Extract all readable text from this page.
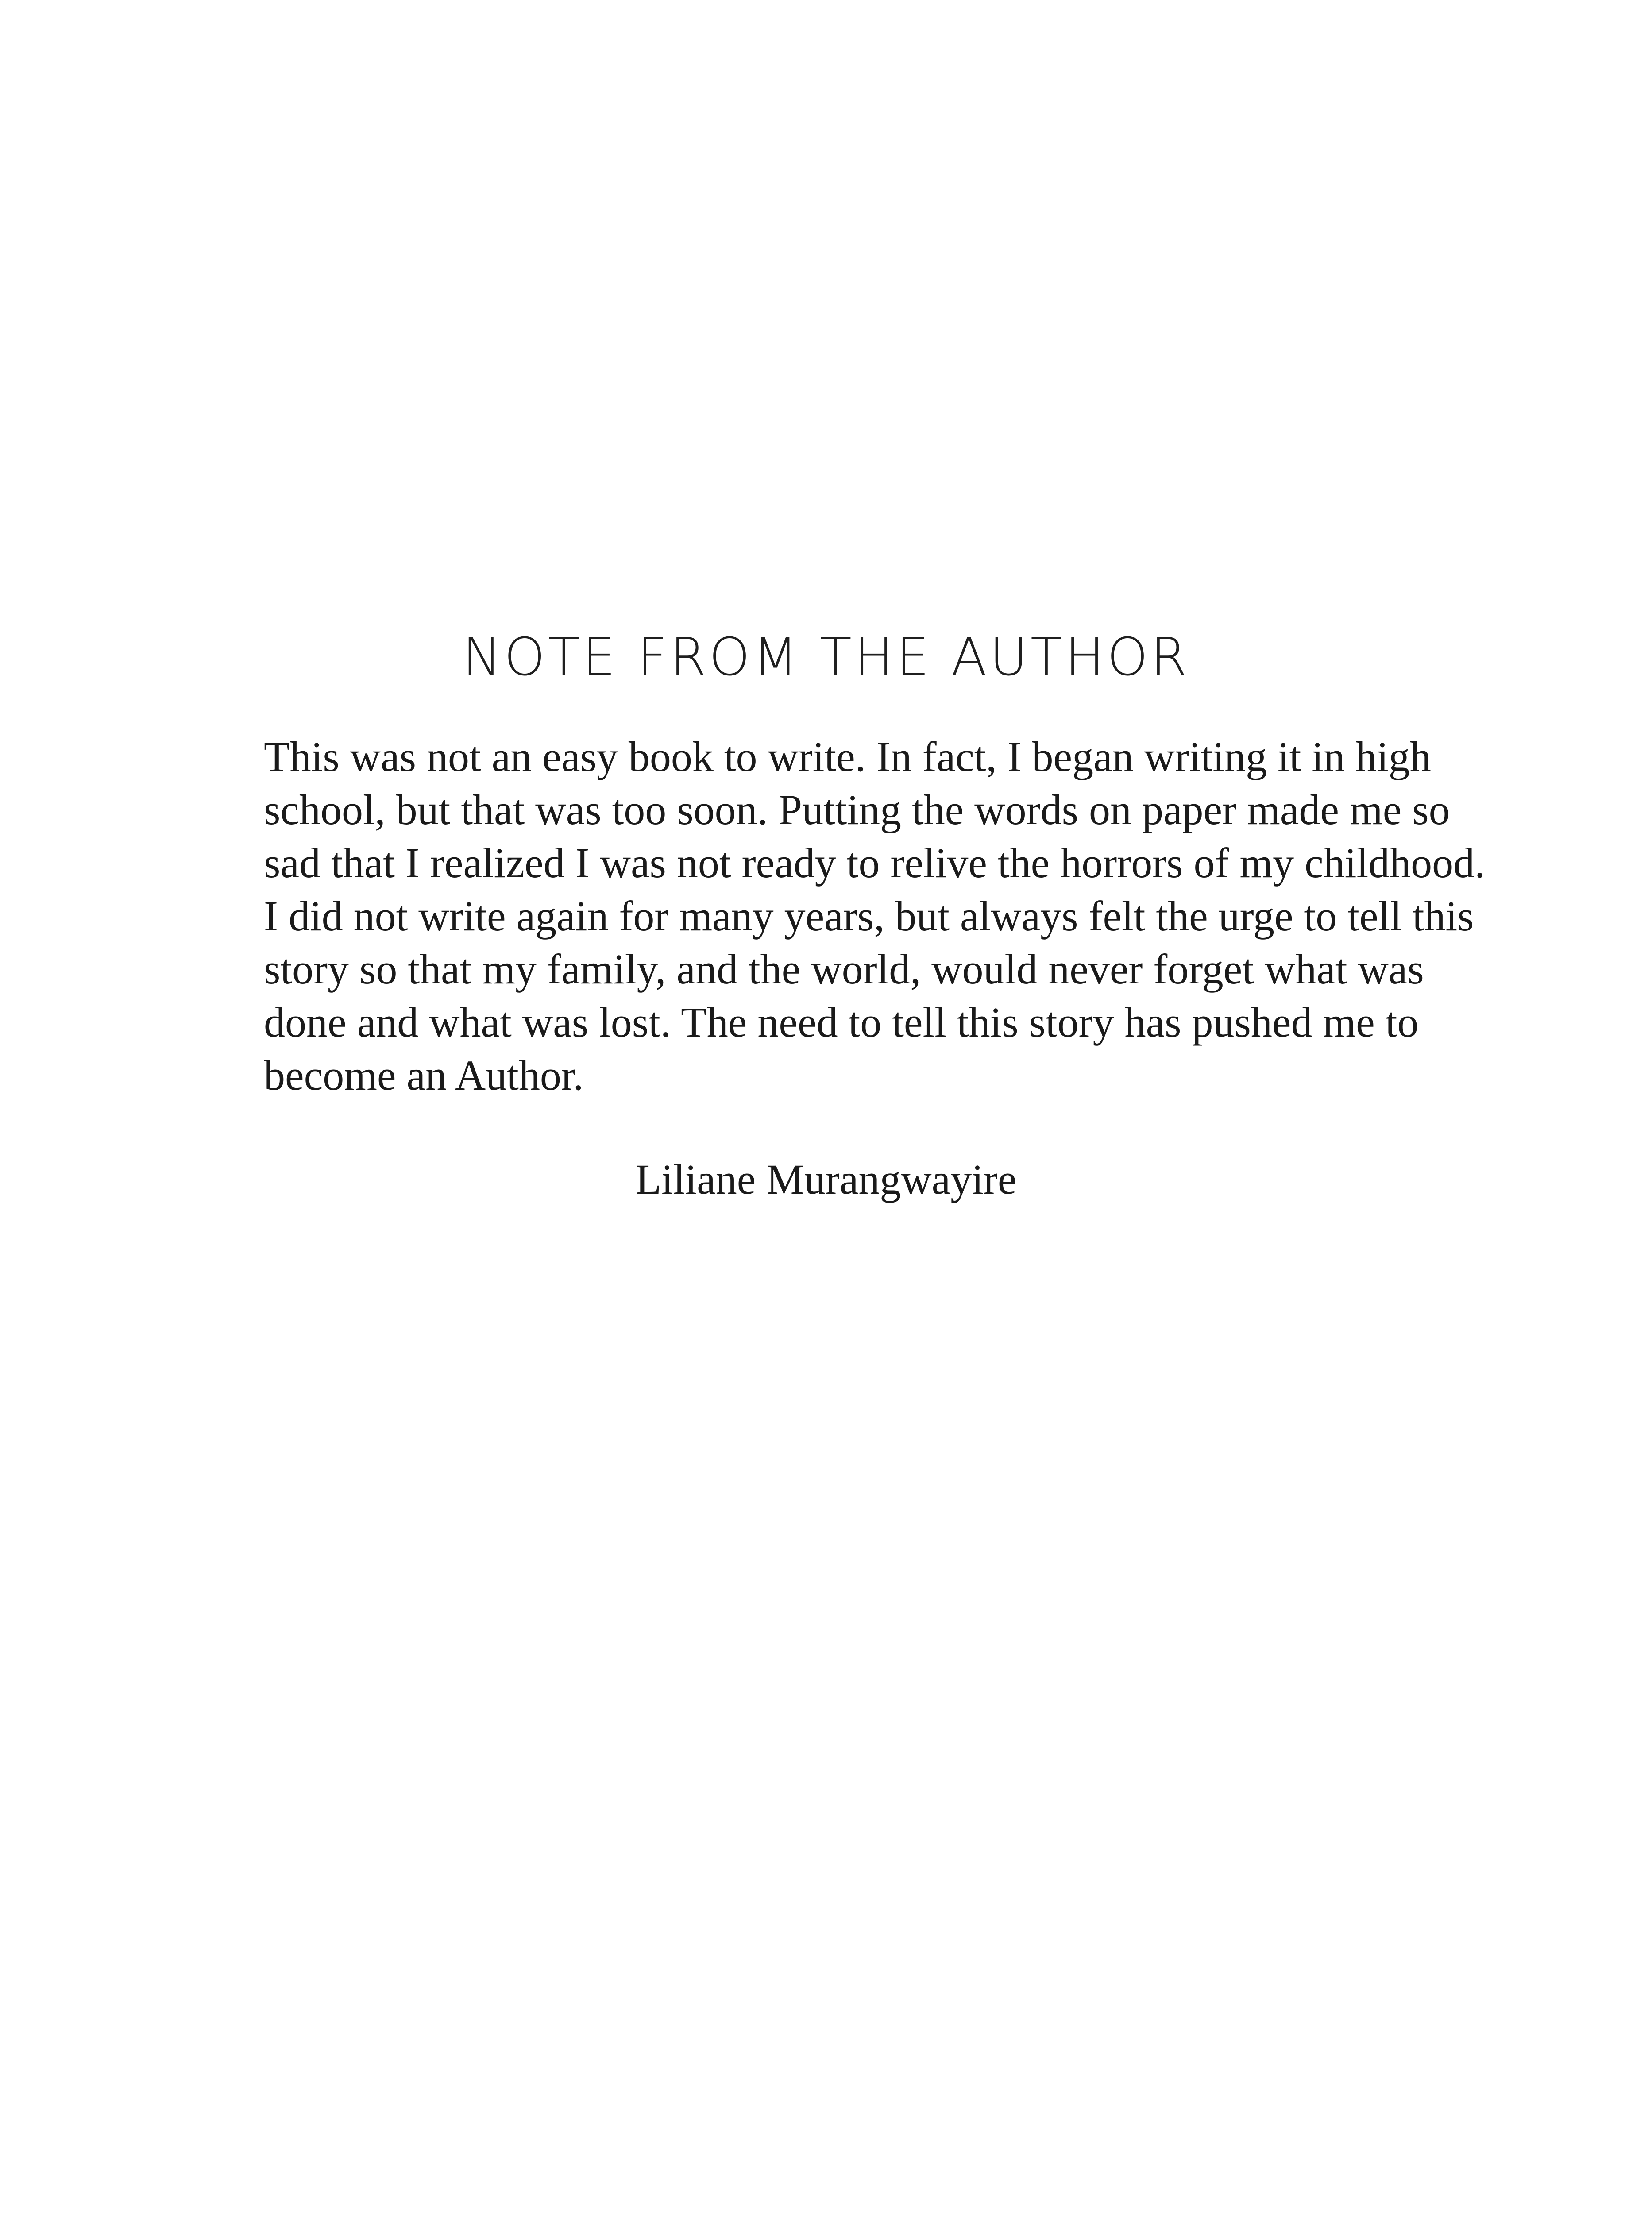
NOTE FROM THE AUTHOR
This was not an easy book to write. In fact, I began writing it in high
school, but that was too soon. Putting the words on paper made me so
sad that I realized I was not ready to relive the horrors of my childhood.
I did not write again for many years, but always felt the urge to tell this
story so that my family, and the world, would never forget what was
done and what was lost. The need to tell this story has pushed me to
become an Author.
Liliane Murangwayire
